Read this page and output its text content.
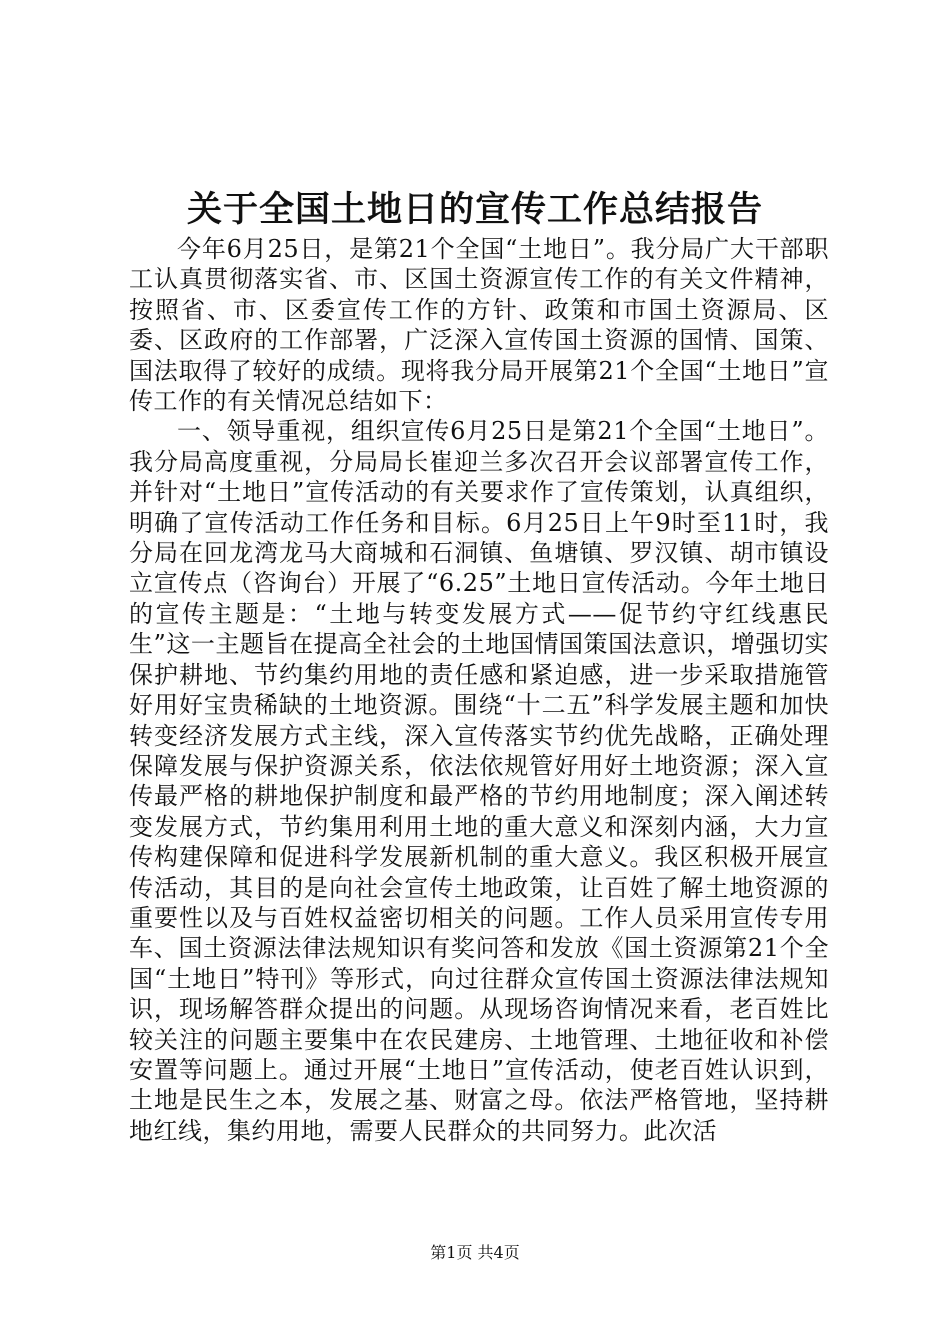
关于全国土地日的宣传工作总结报告

今年6月25日，是第21个全国“土地日”。我分局广大干部职工认真贯彻落实省、市、区国土资源宣传工作的有关文件精神，按照省、市、区委宣传工作的方针、政策和市国土资源局、区委、区政府的工作部署，广泛深入宣传国土资源的国情、国策、国法取得了较好的成绩。现将我分局开展第21个全国“土地日”宣传工作的有关情况总结如下：

一、领导重视，组织宣传6月25日是第21个全国“土地日”。我分局高度重视，分局局长崔迎兰多次召开会议部署宣传工作，并针对“土地日”宣传活动的有关要求作了宣传策划，认真组织，明确了宣传活动工作任务和目标。6月25日上午9时至11时，我分局在回龙湾龙马大商城和石洞镇、鱼塘镇、罗汉镇、胡市镇设立宣传点（咨询台）开展了“6.25”土地日宣传活动。今年土地日的宣传主题是：“土地与转变发展方式——促节约守红线惠民生”这一主题旨在提高全社会的土地国情国策国法意识，增强切实保护耕地、节约集约用地的责任感和紧迫感，进一步采取措施管好用好宝贵稀缺的土地资源。围绕“十二五”科学发展主题和加快转变经济发展方式主线，深入宣传落实节约优先战略，正确处理保障发展与保护资源关系，依法依规管好用好土地资源；深入宣传最严格的耕地保护制度和最严格的节约用地制度；深入阐述转变发展方式，节约集用利用土地的重大意义和深刻内涵，大力宣传构建保障和促进科学发展新机制的重大意义。我区积极开展宣传活动，其目的是向社会宣传土地政策，让百姓了解土地资源的重要性以及与百姓权益密切相关的问题。工作人员采用宣传专用车、国土资源法律法规知识有奖问答和发放《国土资源第21个全国“土地日”特刊》等形式，向过往群众宣传国土资源法律法规知识，现场解答群众提出的问题。从现场咨询情况来看，老百姓比较关注的问题主要集中在农民建房、土地管理、土地征收和补偿安置等问题上。通过开展“土地日”宣传活动，使老百姓认识到，土地是民生之本，发展之基、财富之母。依法严格管地，坚持耕地红线，集约用地，需要人民群众的共同努力。此次活

第1页 共4页
